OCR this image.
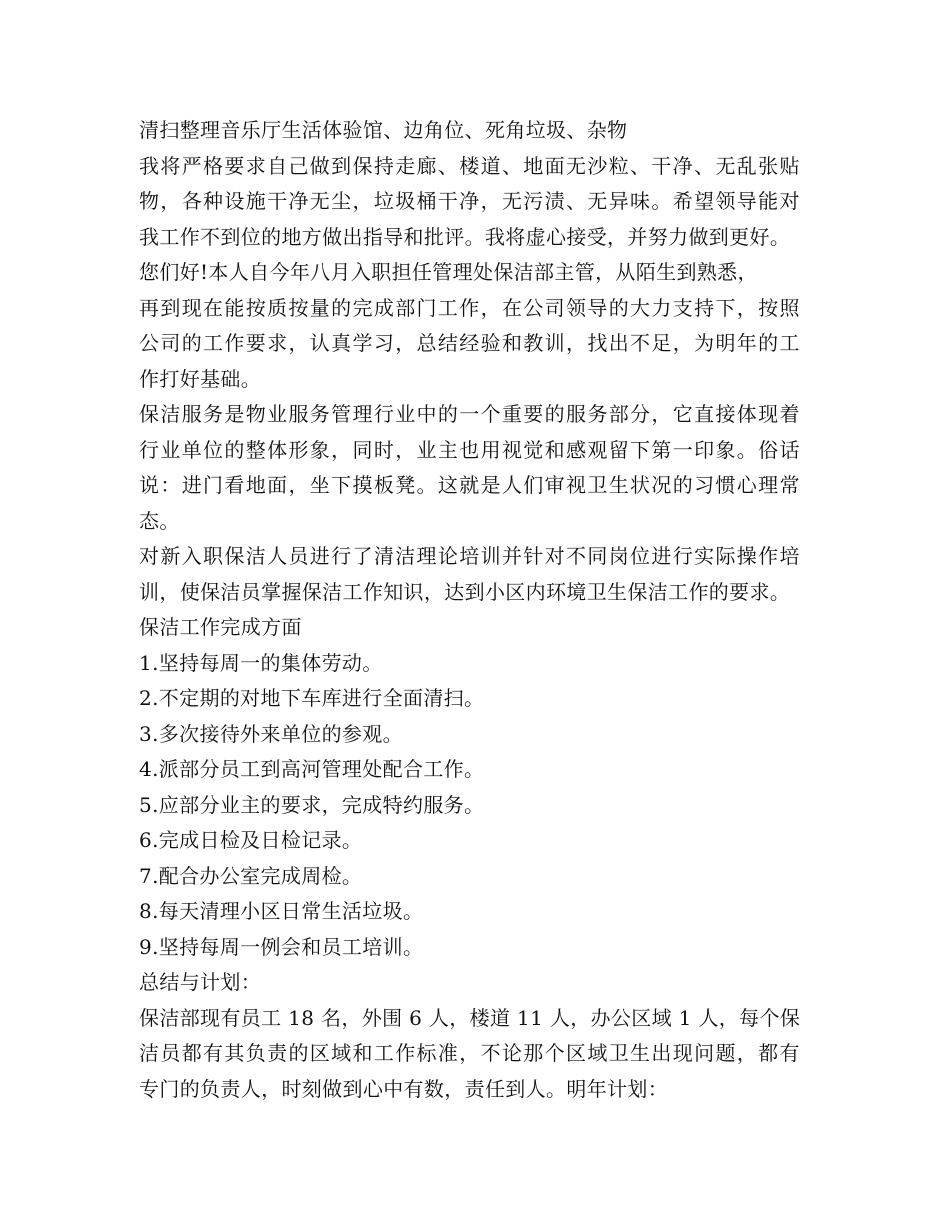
清扫整理音乐厅生活体验馆、边角位、死角垃圾、杂物
我将严格要求自己做到保持走廊、楼道、地面无沙粒、干净、无乱张贴
物，各种设施干净无尘，垃圾桶干净，无污渍、无异味。希望领导能对
我工作不到位的地方做出指导和批评。我将虚心接受，并努力做到更好。
您们好!本人自今年八月入职担任管理处保洁部主管，从陌生到熟悉，
再到现在能按质按量的完成部门工作，在公司领导的大力支持下，按照
公司的工作要求，认真学习，总结经验和教训，找出不足，为明年的工
作打好基础。
保洁服务是物业服务管理行业中的一个重要的服务部分，它直接体现着
行业单位的整体形象，同时，业主也用视觉和感观留下第一印象。俗话
说：进门看地面，坐下摸板凳。这就是人们审视卫生状况的习惯心理常
态。
对新入职保洁人员进行了清洁理论培训并针对不同岗位进行实际操作培
训，使保洁员掌握保洁工作知识，达到小区内环境卫生保洁工作的要求。
保洁工作完成方面
1.坚持每周一的集体劳动。
2.不定期的对地下车库进行全面清扫。
3.多次接待外来单位的参观。
4.派部分员工到高河管理处配合工作。
5.应部分业主的要求，完成特约服务。
6.完成日检及日检记录。
7.配合办公室完成周检。
8.每天清理小区日常生活垃圾。
9.坚持每周一例会和员工培训。
总结与计划：
保洁部现有员工 18 名，外围 6 人，楼道 11 人，办公区域 1 人，每个保
洁员都有其负责的区域和工作标准，不论那个区域卫生出现问题，都有
专门的负责人，时刻做到心中有数，责任到人。明年计划：
